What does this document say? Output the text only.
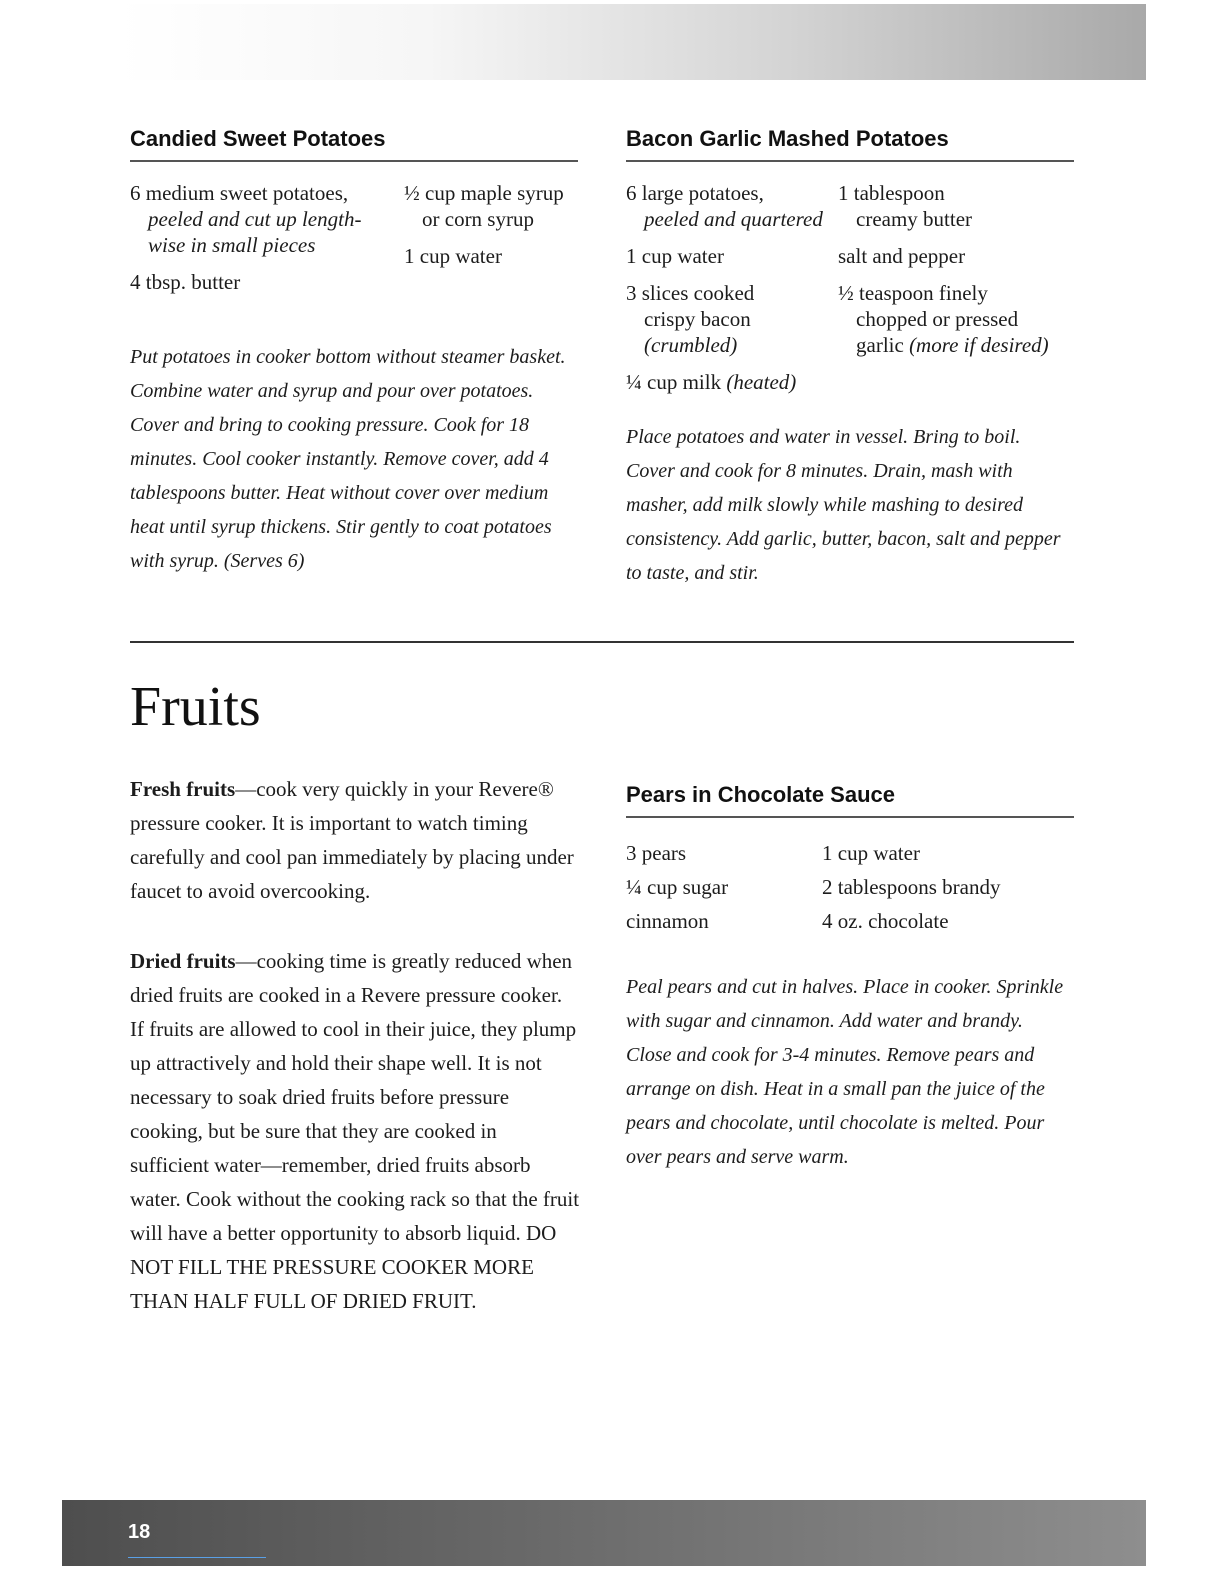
Candied Sweet Potatoes

6 medium sweet potatoes,
peeled and cut up length-
wise in small pieces

4 tbsp. butter

½ cup maple syrup
or corn syrup

1 cup water

Put potatoes in cooker bottom without steamer basket. Combine water and syrup and pour over potatoes. Cover and bring to cooking pressure. Cook for 18 minutes. Cool cooker instantly. Remove cover, add 4 tablespoons butter. Heat without cover over medium heat until syrup thickens. Stir gently to coat potatoes with syrup. (Serves 6)

Bacon Garlic Mashed Potatoes

6 large potatoes,
peeled and quartered

1 cup water

3 slices cooked
crispy bacon
(crumbled)

¼ cup milk (heated)

1 tablespoon
creamy butter

salt and pepper

½ teaspoon finely
chopped or pressed
garlic (more if desired)

Place potatoes and water in vessel. Bring to boil. Cover and cook for 8 minutes. Drain, mash with masher, add milk slowly while mashing to desired consistency. Add garlic, butter, bacon, salt and pepper to taste, and stir.

Fruits

Fresh fruits—cook very quickly in your Revere® pressure cooker. It is important to watch timing carefully and cool pan immediately by placing under faucet to avoid overcooking.

Dried fruits—cooking time is greatly reduced when dried fruits are cooked in a Revere pressure cooker. If fruits are allowed to cool in their juice, they plump up attractively and hold their shape well. It is not necessary to soak dried fruits before pressure cooking, but be sure that they are cooked in sufficient water—remember, dried fruits absorb water. Cook without the cooking rack so that the fruit will have a better opportunity to absorb liquid. DO NOT FILL THE PRESSURE COOKER MORE THAN HALF FULL OF DRIED FRUIT.

Pears in Chocolate Sauce
3 pears
¼ cup sugar
cinnamon
1 cup water
2 tablespoons brandy
4 oz. chocolate

Peal pears and cut in halves. Place in cooker. Sprinkle with sugar and cinnamon. Add water and brandy. Close and cook for 3-4 minutes. Remove pears and arrange on dish. Heat in a small pan the juice of the pears and chocolate, until chocolate is melted. Pour over pears and serve warm.

18
